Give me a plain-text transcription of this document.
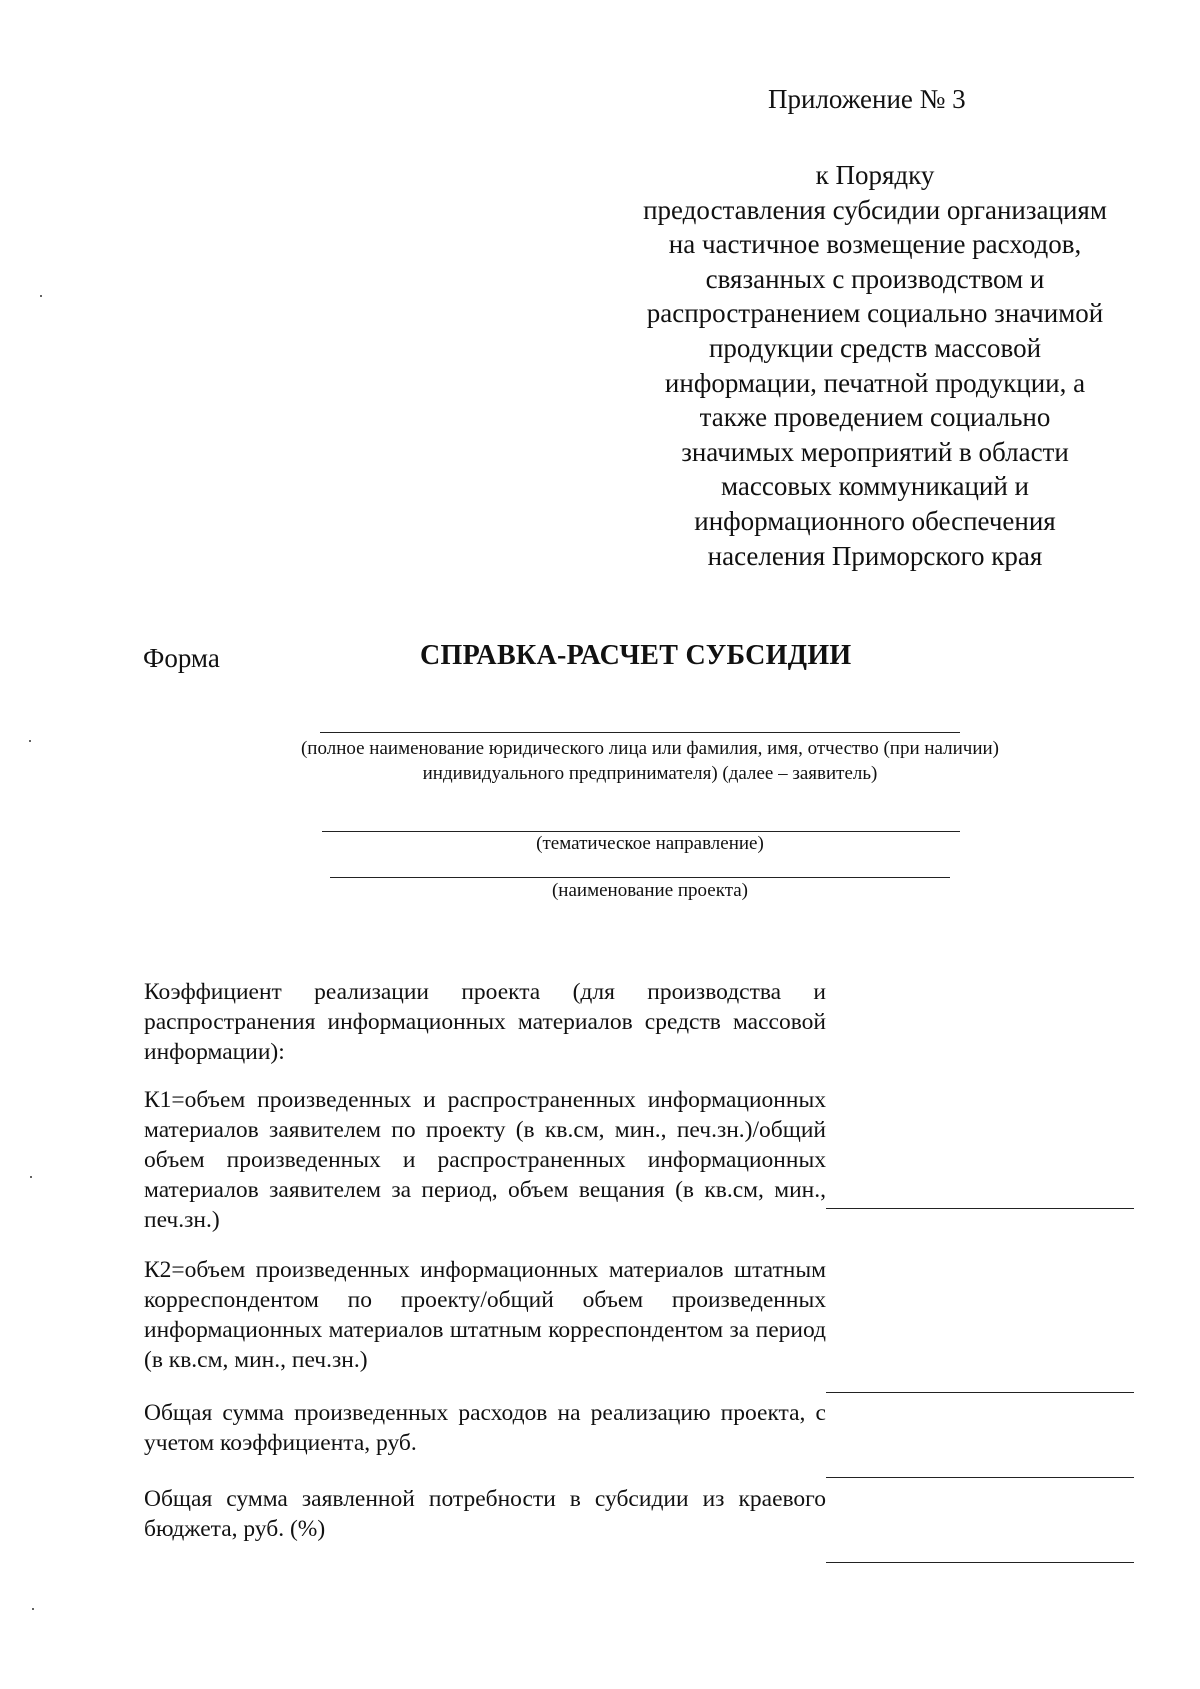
Приложение № 3
к Порядку
предоставления субсидии организациям
на частичное возмещение расходов,
связанных с производством и
распространением социально значимой
продукции средств массовой
информации, печатной продукции, а
также проведением социально
значимых мероприятий в области
массовых коммуникаций и
информационного обеспечения
населения Приморского края
Форма	СПРАВКА-РАСЧЕТ СУБСИДИИ
(полное наименование юридического лица или фамилия, имя, отчество (при наличии)
индивидуального предпринимателя) (далее – заявитель)
(тематическое направление)
(наименование проекта)
Коэффициент реализации проекта (для производства и распространения информационных материалов средств массовой информации):
К1=объем произведенных и распространенных информационных материалов заявителем по проекту (в кв.см, мин., печ.зн.)/общий объем произведенных и распространенных информационных материалов заявителем за период, объем вещания (в кв.см, мин., печ.зн.)
К2=объем произведенных информационных материалов штатным корреспондентом по проекту/общий объем произведенных информационных материалов штатным корреспондентом за период (в кв.см, мин., печ.зн.)
Общая сумма произведенных расходов на реализацию проекта, с учетом коэффициента, руб.
Общая сумма заявленной потребности в субсидии из краевого бюджета, руб. (%)
